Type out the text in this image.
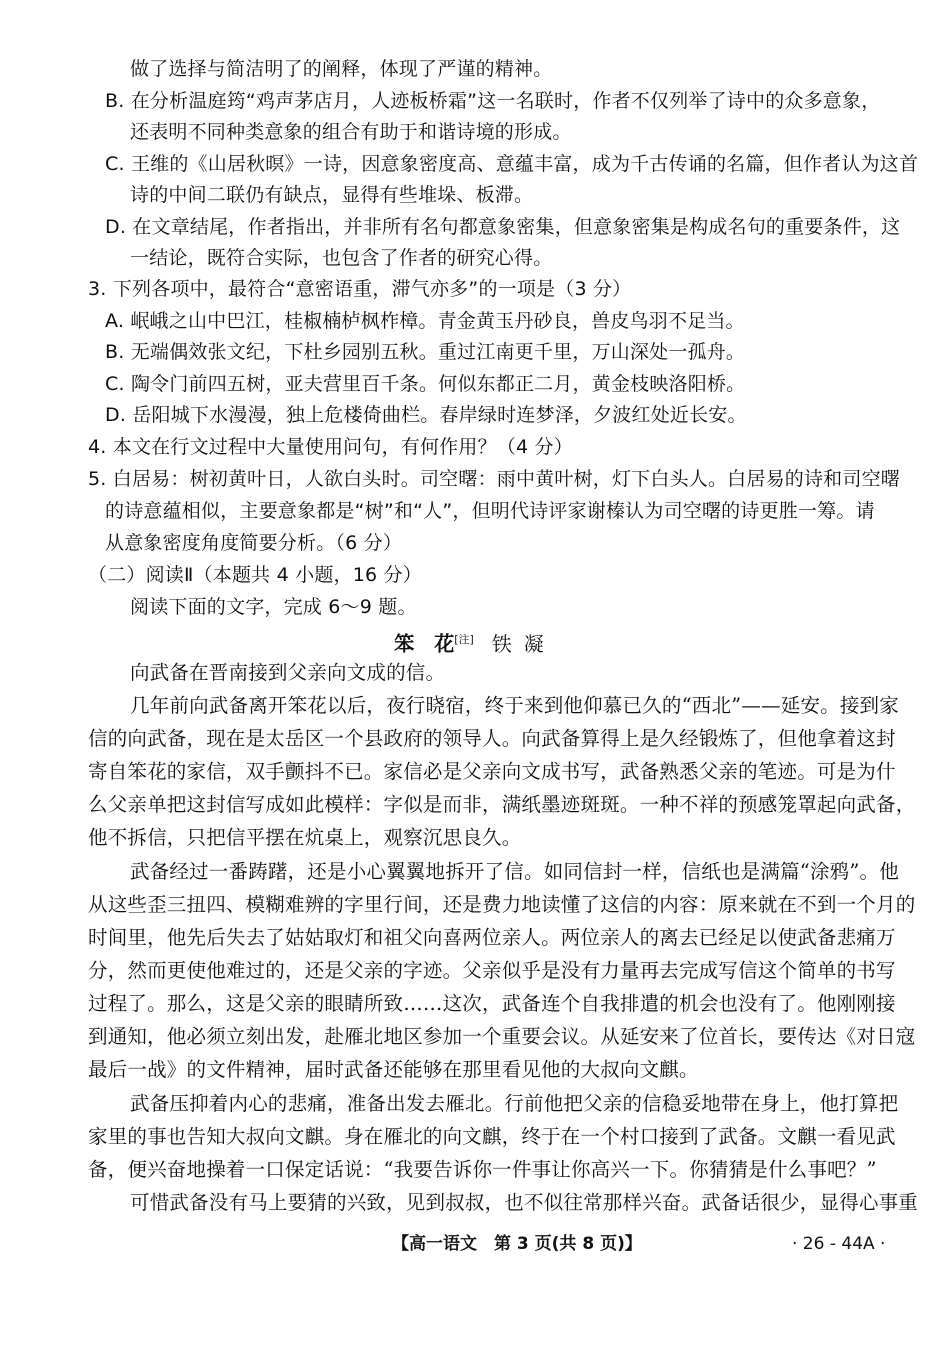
做了选择与简洁明了的阐释，体现了严谨的精神。
B. 在分析温庭筠“鸡声茅店月，人迹板桥霜”这一名联时，作者不仅列举了诗中的众多意象，
还表明不同种类意象的组合有助于和谐诗境的形成。
C. 王维的《山居秋暝》一诗，因意象密度高、意蕴丰富，成为千古传诵的名篇，但作者认为这首
诗的中间二联仍有缺点，显得有些堆垛、板滞。
D. 在文章结尾，作者指出，并非所有名句都意象密集，但意象密集是构成名句的重要条件，这
一结论，既符合实际，也包含了作者的研究心得。
3. 下列各项中，最符合“意密语重，滞气亦多”的一项是（3 分）
A. 岷峨之山中巴江，桂椒楠栌枫柞樟。青金黄玉丹砂良，兽皮鸟羽不足当。
B. 无端偶效张文纪，下杜乡园别五秋。重过江南更千里，万山深处一孤舟。
C. 陶令门前四五树，亚夫营里百千条。何似东都正二月，黄金枝映洛阳桥。
D. 岳阳城下水漫漫，独上危楼倚曲栏。春岸绿时连梦泽，夕波红处近长安。
4. 本文在行文过程中大量使用问句，有何作用？（4 分）
5. 白居易：树初黄叶日，人欲白头时。司空曙：雨中黄叶树，灯下白头人。白居易的诗和司空曙
的诗意蕴相似，主要意象都是“树”和“人”，但明代诗评家谢榛认为司空曙的诗更胜一筹。请
从意象密度角度简要分析。（6 分）
（二）阅读Ⅱ（本题共 4 小题，16 分）
阅读下面的文字，完成 6～9 题。
笨　花[注] 铁凝
向武备在晋南接到父亲向文成的信。
几年前向武备离开笨花以后，夜行晓宿，终于来到他仰慕已久的“西北”——延安。接到家
信的向武备，现在是太岳区一个县政府的领导人。向武备算得上是久经锻炼了，但他拿着这封
寄自笨花的家信，双手颤抖不已。家信必是父亲向文成书写，武备熟悉父亲的笔迹。可是为什
么父亲单把这封信写成如此模样：字似是而非，满纸墨迹斑斑。一种不祥的预感笼罩起向武备，
他不拆信，只把信平摆在炕桌上，观察沉思良久。
武备经过一番踌躇，还是小心翼翼地拆开了信。如同信封一样，信纸也是满篇“涂鸦”。他
从这些歪三扭四、模糊难辨的字里行间，还是费力地读懂了这信的内容：原来就在不到一个月的
时间里，他先后失去了姑姑取灯和祖父向喜两位亲人。两位亲人的离去已经足以使武备悲痛万
分，然而更使他难过的，还是父亲的字迹。父亲似乎是没有力量再去完成写信这个简单的书写
过程了。那么，这是父亲的眼睛所致……这次，武备连个自我排遣的机会也没有了。他刚刚接
到通知，他必须立刻出发，赴雁北地区参加一个重要会议。从延安来了位首长，要传达《对日寇
最后一战》的文件精神，届时武备还能够在那里看见他的大叔向文麒。
武备压抑着内心的悲痛，准备出发去雁北。行前他把父亲的信稳妥地带在身上，他打算把
家里的事也告知大叔向文麒。身在雁北的向文麒，终于在一个村口接到了武备。文麒一看见武
备，便兴奋地操着一口保定话说：“我要告诉你一件事让你高兴一下。你猜猜是什么事吧？”
可惜武备没有马上要猜的兴致，见到叔叔，也不似往常那样兴奋。武备话很少，显得心事重
【高一语文　第 3 页(共 8 页)】	· 26 - 44A ·
